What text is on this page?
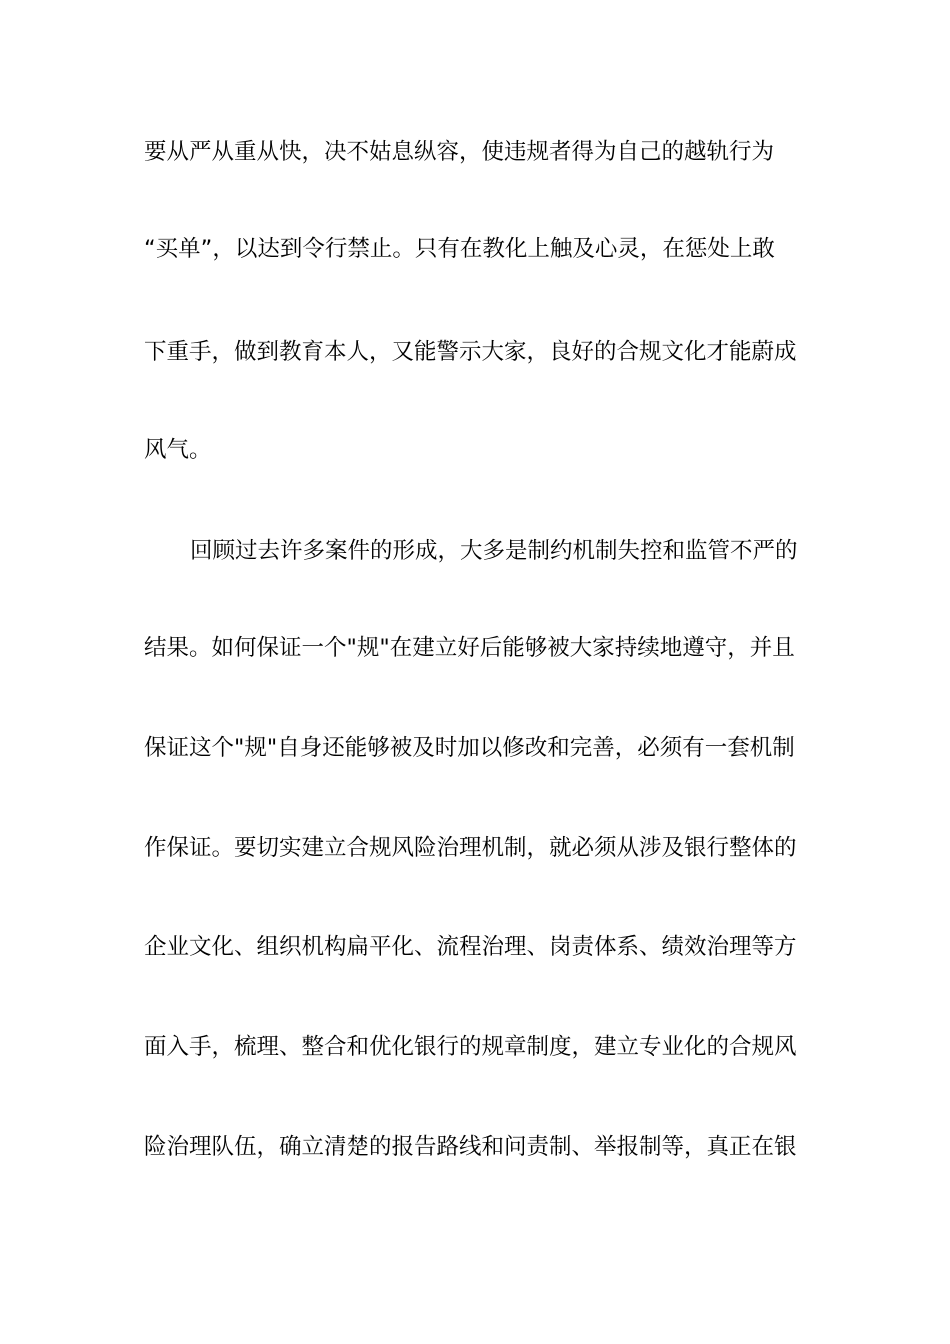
要从严从重从快，决不姑息纵容，使违规者得为自己的越轨行为
“买单”，以达到令行禁止。只有在教化上触及心灵，在惩处上敢
下重手，做到教育本人，又能警示大家，良好的合规文化才能蔚成
风气。
回顾过去许多案件的形成，大多是制约机制失控和监管不严的
结果。如何保证一个"规"在建立好后能够被大家持续地遵守，并且
保证这个"规"自身还能够被及时加以修改和完善，必须有一套机制
作保证。要切实建立合规风险治理机制，就必须从涉及银行整体的
企业文化、组织机构扁平化、流程治理、岗责体系、绩效治理等方
面入手，梳理、整合和优化银行的规章制度，建立专业化的合规风
险治理队伍，确立清楚的报告路线和问责制、举报制等，真正在银
